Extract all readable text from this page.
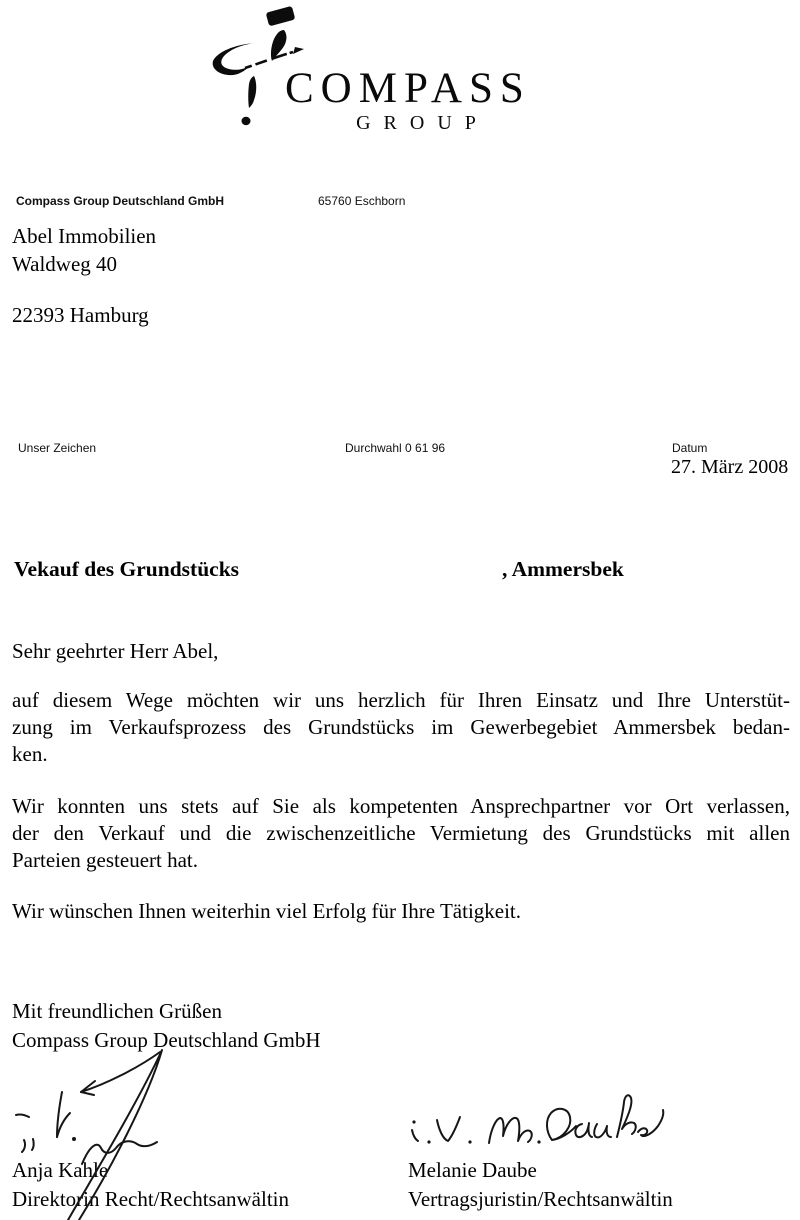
COMPASS
GROUP
Compass Group Deutschland GmbH	65760 Eschborn
Abel Immobilien
Waldweg 40
22393 Hamburg
Unser Zeichen	Durchwahl 0 61 96	Datum
27. März 2008
Vekauf des Grundstücks	, Ammersbek
Sehr geehrter Herr Abel,
auf diesem Wege möchten wir uns herzlich für Ihren Einsatz und Ihre Unterstüt-
zung im Verkaufsprozess des Grundstücks im Gewerbegebiet Ammersbek bedan-
ken.
Wir konnten uns stets auf Sie als kompetenten Ansprechpartner vor Ort verlassen,
der den Verkauf und die zwischenzeitliche Vermietung des Grundstücks mit allen
Parteien gesteuert hat.
Wir wünschen Ihnen weiterhin viel Erfolg für Ihre Tätigkeit.
Mit freundlichen Grüßen
Compass Group Deutschland GmbH
Anja Kahle
Direktorin Recht/Rechtsanwältin
Melanie Daube
Vertragsjuristin/Rechtsanwältin
